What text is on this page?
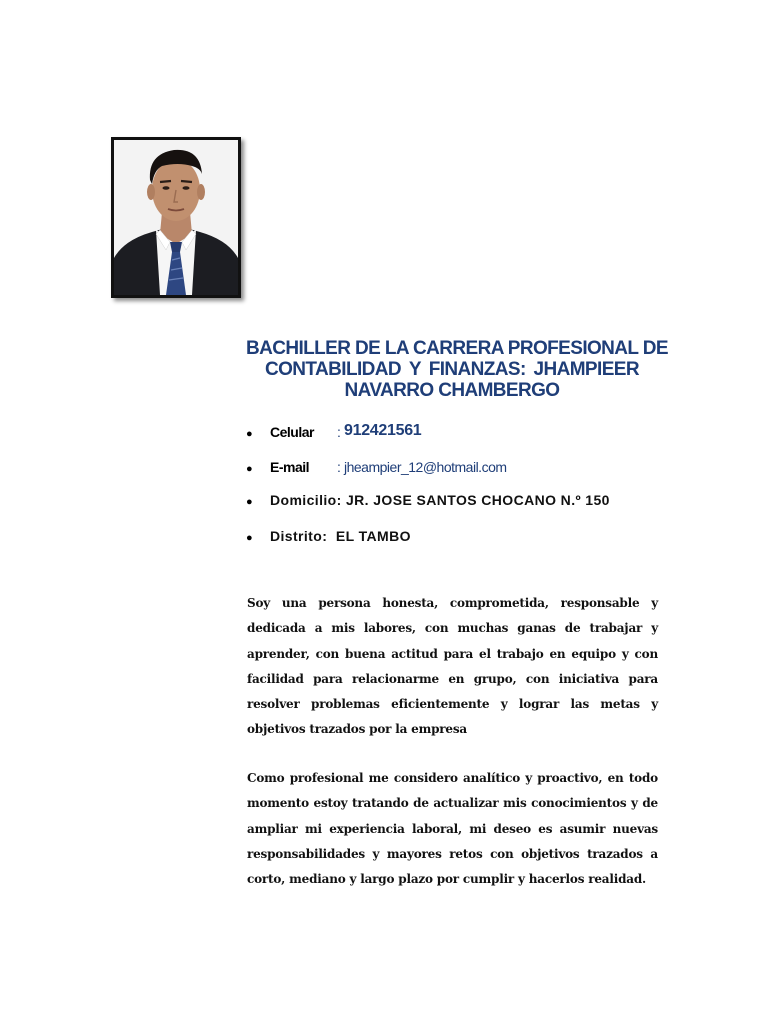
BACHILLER DE LA CARRERA PROFESIONAL DE
CONTABILIDAD Y FINANZAS: JHAMPIEER
NAVARRO CHAMBERGO
● Celular : 912421561
● E-mail : jheampier_12@hotmail.com
● Domicilio: JR. JOSE SANTOS CHOCANO N.º 150
● Distrito: EL TAMBO

Soy una persona honesta, comprometida, responsable y dedicada a mis labores, con muchas ganas de trabajar y aprender, con buena actitud para el trabajo en equipo y con facilidad para relacionarme en grupo, con iniciativa para resolver problemas eficientemente y lograr las metas y objetivos trazados por la empresa

Como profesional me considero analítico y proactivo, en todo momento estoy tratando de actualizar mis conocimientos y de ampliar mi experiencia laboral, mi deseo es asumir nuevas responsabilidades y mayores retos con objetivos trazados a corto, mediano y largo plazo por cumplir y hacerlos realidad.
